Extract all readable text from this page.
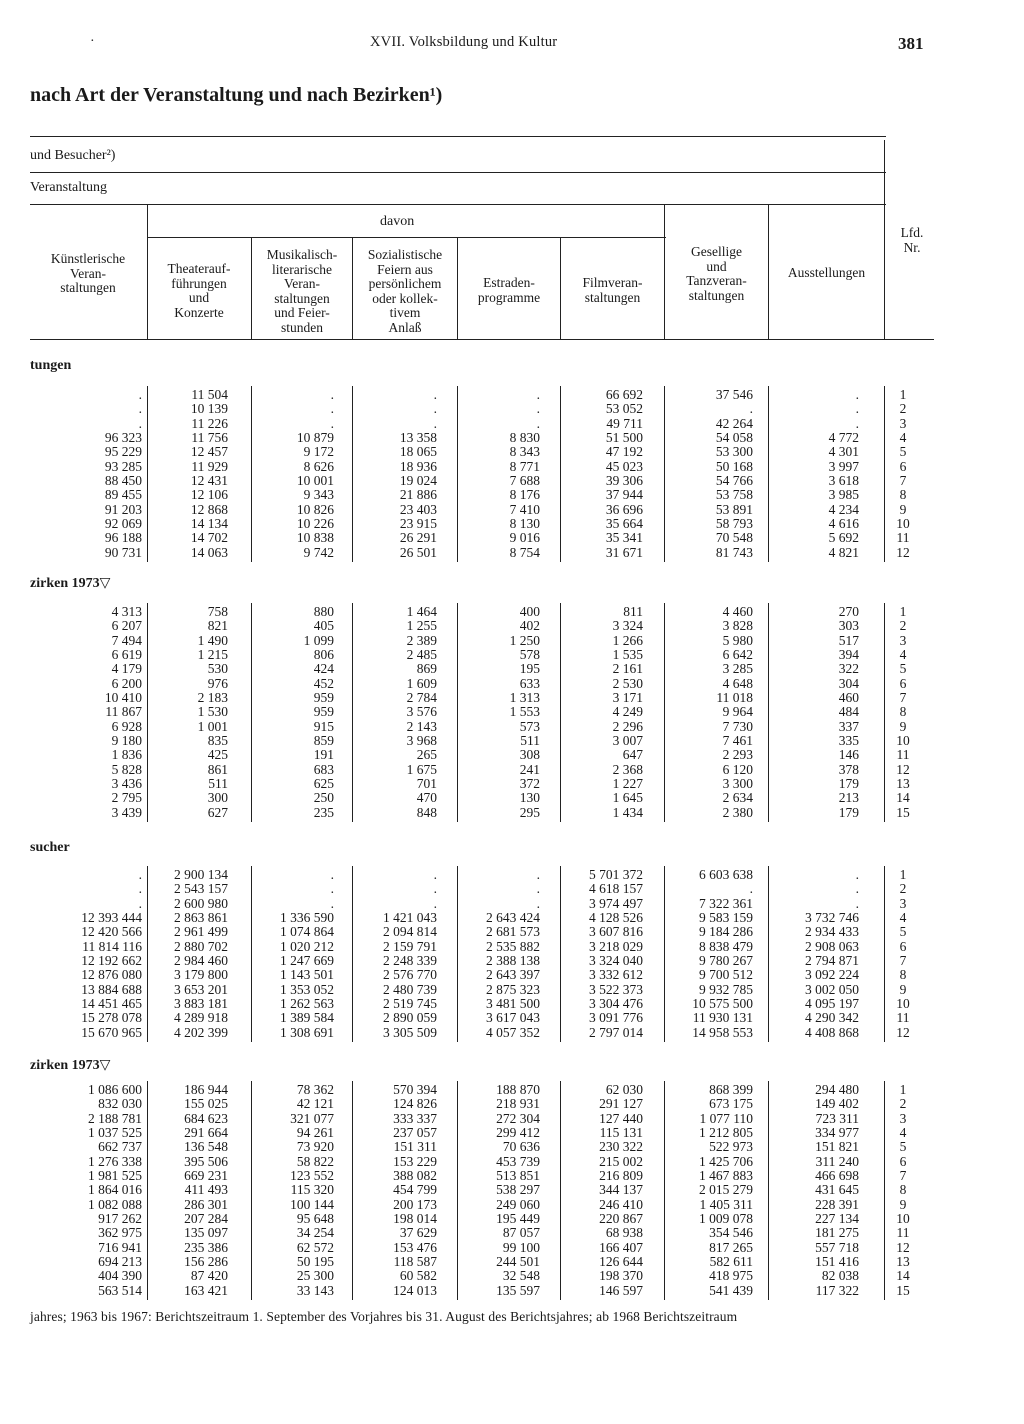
·	XVII. Volksbildung und Kultur	381
nach Art der Veranstaltung und nach Bezirken¹)
und Besucher²)
Veranstaltung
davon
Künstlerische
Veran-
staltungen
Theaterauf-
führungen
und
Konzerte
Musikalisch-
literarische
Veran-
staltungen
und Feier-
stunden
Sozialistische
Feiern aus
persönlichem
oder kollek-
tivem
Anlaß
Estraden-
programme
Filmveran-
staltungen
Gesellige
und
Tanzveran-
staltungen
Ausstellungen
Lfd.
Nr.
tungen
zirken 1973▽
sucher
zirken 1973▽
.
.
.
96 323
95 229
93 285
88 450
89 455
91 203
92 069
96 188
90 731
11 504
10 139
11 226
11 756
12 457
11 929
12 431
12 106
12 868
14 134
14 702
14 063
.
.
.
10 879
9 172
8 626
10 001
9 343
10 826
10 226
10 838
9 742
.
.
.
13 358
18 065
18 936
19 024
21 886
23 403
23 915
26 291
26 501
.
.
.
8 830
8 343
8 771
7 688
8 176
7 410
8 130
9 016
8 754
66 692
53 052
49 711
51 500
47 192
45 023
39 306
37 944
36 696
35 664
35 341
31 671
37 546
.
42 264
54 058
53 300
50 168
54 766
53 758
53 891
58 793
70 548
81 743
.
.
.
4 772
4 301
3 997
3 618
3 985
4 234
4 616
5 692
4 821
1
2
3
4
5
6
7
8
9
10
11
12
4 313
6 207
7 494
6 619
4 179
6 200
10 410
11 867
6 928
9 180
1 836
5 828
3 436
2 795
3 439
758
821
1 490
1 215
530
976
2 183
1 530
1 001
835
425
861
511
300
627
880
405
1 099
806
424
452
959
959
915
859
191
683
625
250
235
1 464
1 255
2 389
2 485
869
1 609
2 784
3 576
2 143
3 968
265
1 675
701
470
848
400
402
1 250
578
195
633
1 313
1 553
573
511
308
241
372
130
295
811
3 324
1 266
1 535
2 161
2 530
3 171
4 249
2 296
3 007
647
2 368
1 227
1 645
1 434
4 460
3 828
5 980
6 642
3 285
4 648
11 018
9 964
7 730
7 461
2 293
6 120
3 300
2 634
2 380
270
303
517
394
322
304
460
484
337
335
146
378
179
213
179
1
2
3
4
5
6
7
8
9
10
11
12
13
14
15
.
.
.
12 393 444
12 420 566
11 814 116
12 192 662
12 876 080
13 884 688
14 451 465
15 278 078
15 670 965
2 900 134
2 543 157
2 600 980
2 863 861
2 961 499
2 880 702
2 984 460
3 179 800
3 653 201
3 883 181
4 289 918
4 202 399
.
.
.
1 336 590
1 074 864
1 020 212
1 247 669
1 143 501
1 353 052
1 262 563
1 389 584
1 308 691
.
.
.
1 421 043
2 094 814
2 159 791
2 248 339
2 576 770
2 480 739
2 519 745
2 890 059
3 305 509
.
.
.
2 643 424
2 681 573
2 535 882
2 388 138
2 643 397
2 875 323
3 481 500
3 617 043
4 057 352
5 701 372
4 618 157
3 974 497
4 128 526
3 607 816
3 218 029
3 324 040
3 332 612
3 522 373
3 304 476
3 091 776
2 797 014
6 603 638
.
7 322 361
9 583 159
9 184 286
8 838 479
9 780 267
9 700 512
9 932 785
10 575 500
11 930 131
14 958 553
.
.
.
3 732 746
2 934 433
2 908 063
2 794 871
3 092 224
3 002 050
4 095 197
4 290 342
4 408 868
1
2
3
4
5
6
7
8
9
10
11
12
1 086 600
832 030
2 188 781
1 037 525
662 737
1 276 338
1 981 525
1 864 016
1 082 088
917 262
362 975
716 941
694 213
404 390
563 514
186 944
155 025
684 623
291 664
136 548
395 506
669 231
411 493
286 301
207 284
135 097
235 386
156 286
87 420
163 421
78 362
42 121
321 077
94 261
73 920
58 822
123 552
115 320
100 144
95 648
34 254
62 572
50 195
25 300
33 143
570 394
124 826
333 337
237 057
151 311
153 229
388 082
454 799
200 173
198 014
37 629
153 476
118 587
60 582
124 013
188 870
218 931
272 304
299 412
70 636
453 739
513 851
538 297
249 060
195 449
87 057
99 100
244 501
32 548
135 597
62 030
291 127
127 440
115 131
230 322
215 002
216 809
344 137
246 410
220 867
68 938
166 407
126 644
198 370
146 597
868 399
673 175
1 077 110
1 212 805
522 973
1 425 706
1 467 883
2 015 279
1 405 311
1 009 078
354 546
817 265
582 611
418 975
541 439
294 480
149 402
723 311
334 977
151 821
311 240
466 698
431 645
228 391
227 134
181 275
557 718
151 416
82 038
117 322
1
2
3
4
5
6
7
8
9
10
11
12
13
14
15
jahres; 1963 bis 1967: Berichtszeitraum 1. September des Vorjahres bis 31. August des Berichtsjahres; ab 1968 Berichtszeitraum
